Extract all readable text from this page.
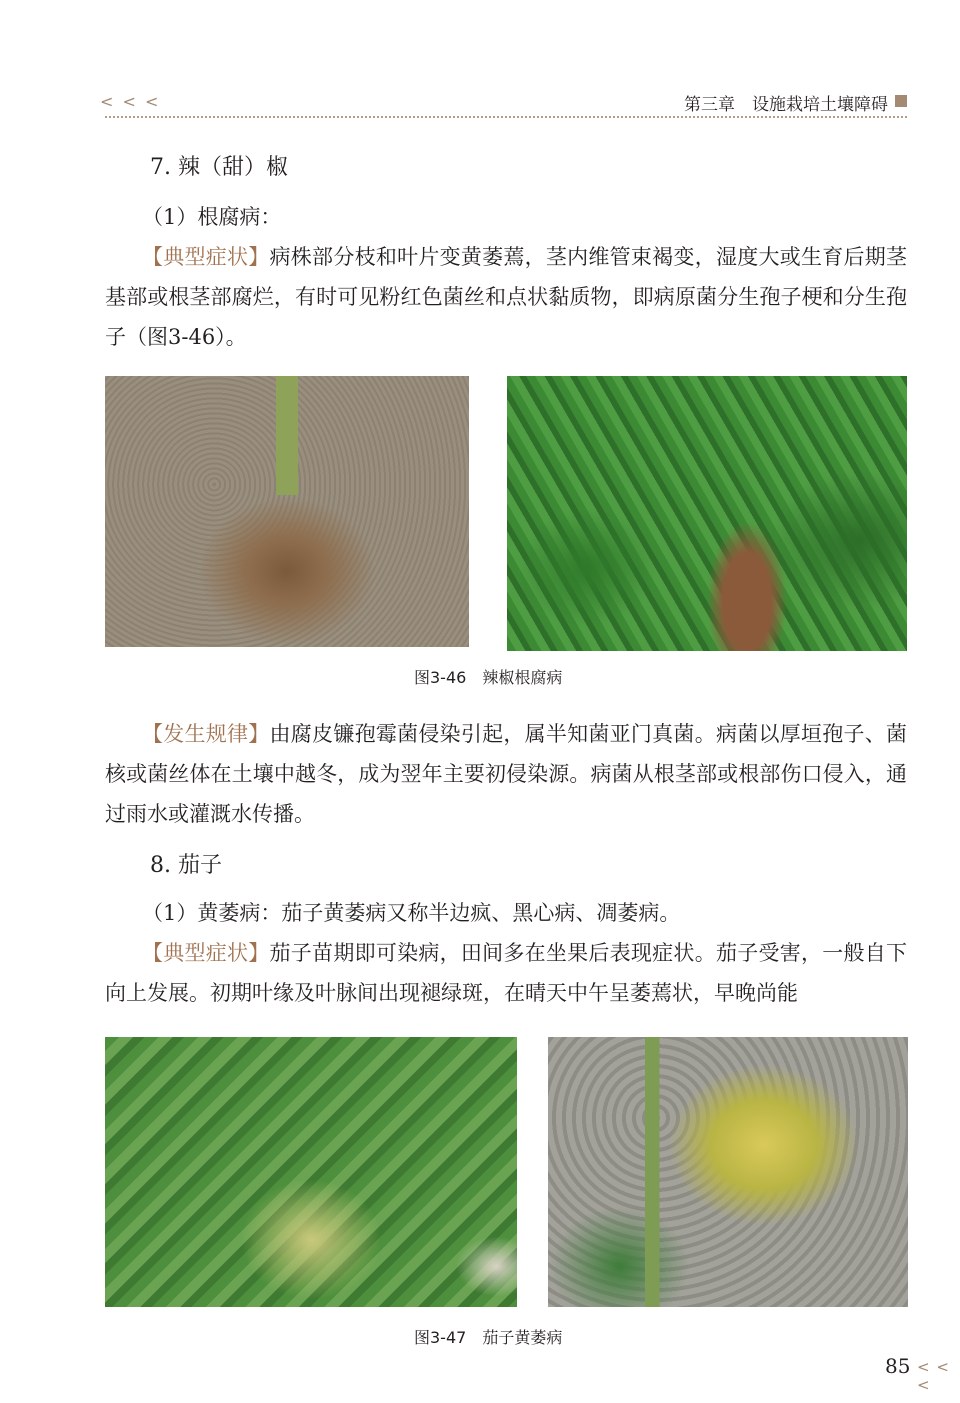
< < <	第三章　设施栽培土壤障碍
7. 辣（甜）椒
（1）根腐病：
【典型症状】病株部分枝和叶片变黄萎蔫，茎内维管束褐变，湿度大或生育后期茎基部或根茎部腐烂，有时可见粉红色菌丝和点状黏质物，即病原菌分生孢子梗和分生孢子（图3-46）。
图3-46　辣椒根腐病
【发生规律】由腐皮镰孢霉菌侵染引起，属半知菌亚门真菌。病菌以厚垣孢子、菌核或菌丝体在土壤中越冬，成为翌年主要初侵染源。病菌从根茎部或根部伤口侵入，通过雨水或灌溉水传播。
8. 茄子
（1）黄萎病：茄子黄萎病又称半边疯、黑心病、凋萎病。
【典型症状】茄子苗期即可染病，田间多在坐果后表现症状。茄子受害，一般自下向上发展。初期叶缘及叶脉间出现褪绿斑，在晴天中午呈萎蔫状，早晚尚能
图3-47　茄子黄萎病
85 < < <
